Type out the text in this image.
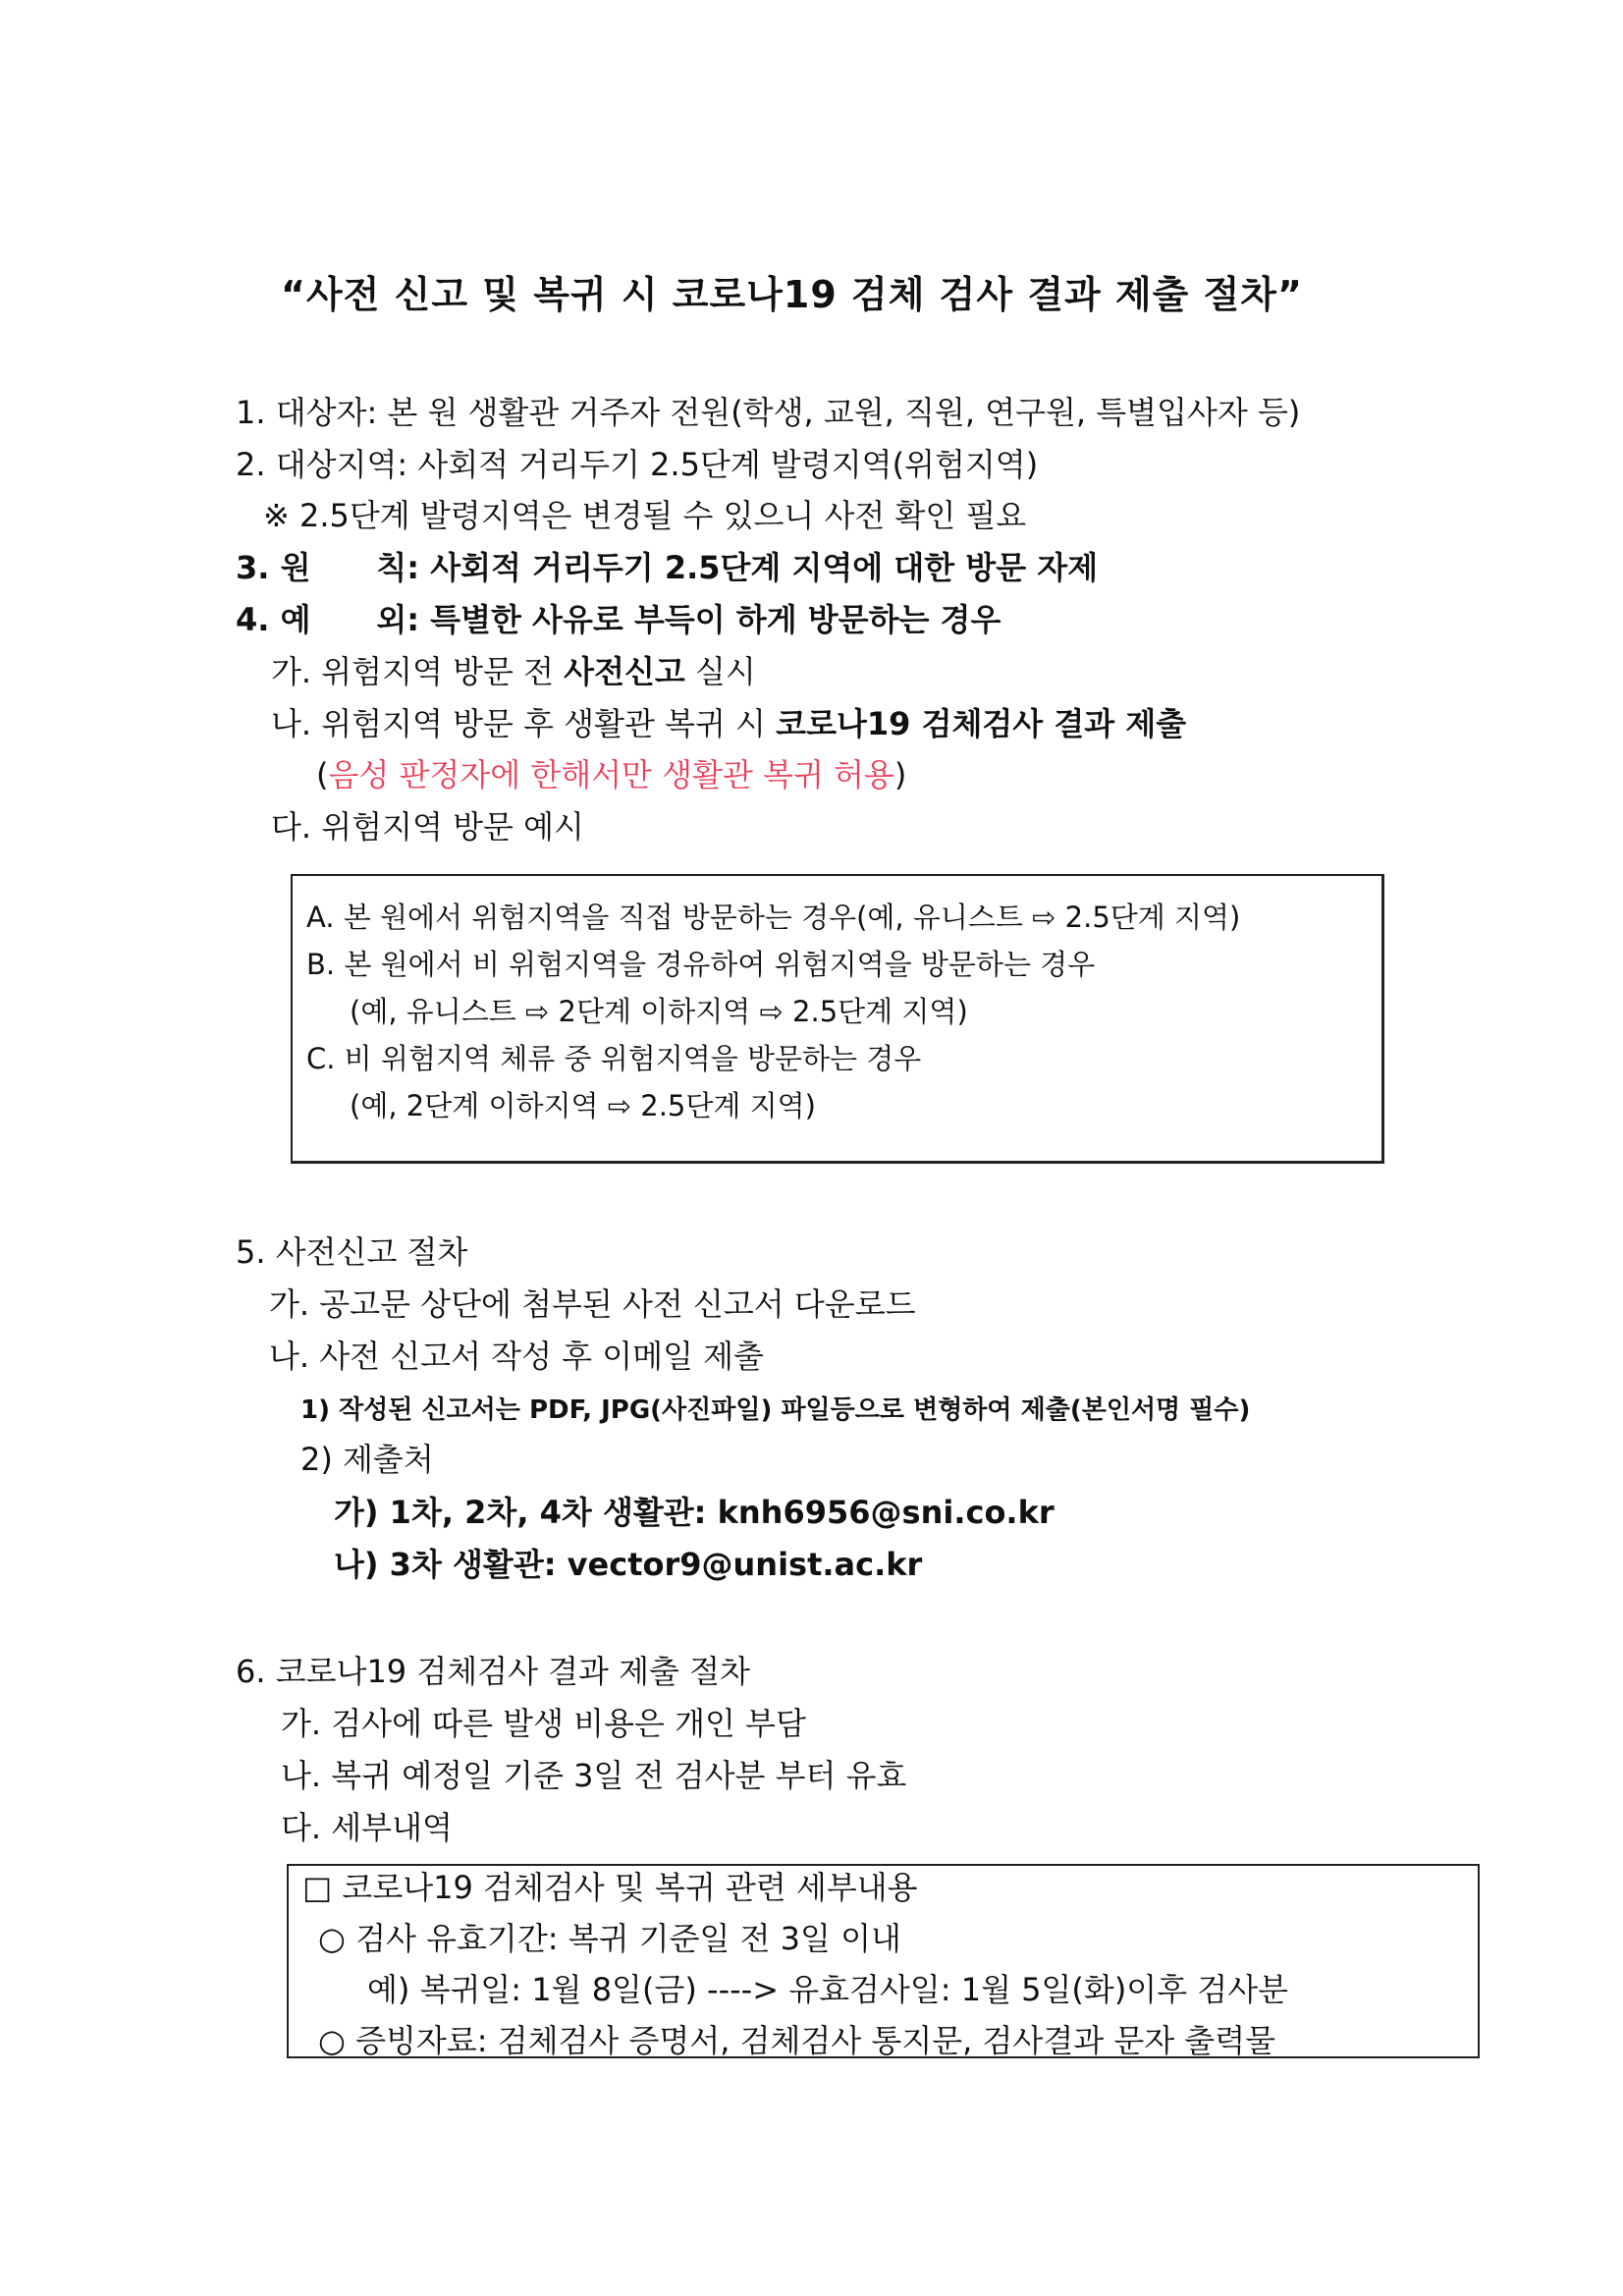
“사전 신고 및 복귀 시 코로나19 검체 검사 결과 제출 절차”
1. 대상자: 본 원 생활관 거주자 전원(학생, 교원, 직원, 연구원, 특별입사자 등)
2. 대상지역: 사회적 거리두기 2.5단계 발령지역(위험지역)
※ 2.5단계 발령지역은 변경될 수 있으니 사전 확인 필요
3. 원      칙: 사회적 거리두기 2.5단계 지역에 대한 방문 자제
4. 예      외: 특별한 사유로 부득이 하게 방문하는 경우
가. 위험지역 방문 전 사전신고 실시
나. 위험지역 방문 후 생활관 복귀 시 코로나19 검체검사 결과 제출
(음성 판정자에 한해서만 생활관 복귀 허용)
다. 위험지역 방문 예시
A. 본 원에서 위험지역을 직접 방문하는 경우(예, 유니스트 ⇨ 2.5단계 지역)
B. 본 원에서 비 위험지역을 경유하여 위험지역을 방문하는 경우
(예, 유니스트 ⇨ 2단계 이하지역 ⇨ 2.5단계 지역)
C. 비 위험지역 체류 중 위험지역을 방문하는 경우
(예, 2단계 이하지역 ⇨ 2.5단계 지역)
5. 사전신고 절차
가. 공고문 상단에 첨부된 사전 신고서 다운로드
나. 사전 신고서 작성 후 이메일 제출
1) 작성된 신고서는 PDF, JPG(사진파일) 파일등으로 변형하여 제출(본인서명 필수)
2) 제출처
가) 1차, 2차, 4차 생활관: knh6956@sni.co.kr
나) 3차 생활관: vector9@unist.ac.kr
6. 코로나19 검체검사 결과 제출 절차
가. 검사에 따른 발생 비용은 개인 부담
나. 복귀 예정일 기준 3일 전 검사분 부터 유효
다. 세부내역
□ 코로나19 검체검사 및 복귀 관련 세부내용
○ 검사 유효기간: 복귀 기준일 전 3일 이내
예) 복귀일: 1월 8일(금) ----> 유효검사일: 1월 5일(화)이후 검사분
○ 증빙자료: 검체검사 증명서, 검체검사 통지문, 검사결과 문자 출력물
